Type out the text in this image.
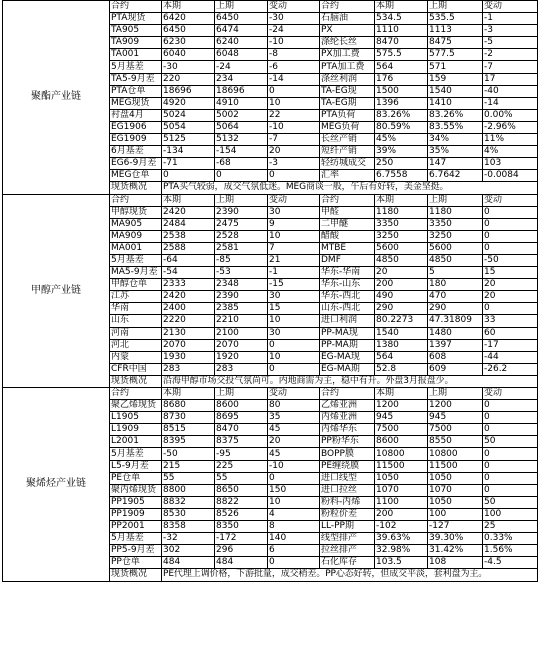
聚酯产业链	合约	本期	上期	变动	合约	本期	上期	变动
	PTA现货	6420	6450	-30	石脑油	534.5	535.5	-1
	TA905	6450	6474	-24	PX	1110	1113	-3
	TA909	6230	6240	-10	涤纶长丝	8470	8475	-5
	TA001	6040	6048	-8	PX加工费	575.5	577.5	-2
	5月基差	-30	-24	-6	PTA加工费	564	571	-7
	TA5-9月差	220	234	-14	涤丝利润	176	159	17
	PTA仓单	18696	18696	0	TA-EG现	1500	1540	-40
	MEG现货	4920	4910	10	TA-EG期	1396	1410	-14
	衬盘4月	5024	5002	22	PTA负荷	83.26%	83.26%	0.00%
	EG1906	5054	5064	-10	MEG负荷	80.59%	83.55%	-2.96%
	EG1909	5125	5132	-7	长丝产销	45%	34%	11%
	6月基差	-134	-154	20	短纤产销	39%	35%	4%
	EG6-9月差	-71	-68	-3	轻纺城成交	250	147	103
	MEG仓单	0	0	0	汇率	6.7558	6.7642	-0.0084
	现货概况	PTA买气较弱，成交气氛低迷。MEG商谈一般，午后有好转，美金坚挺。						
甲醇产业链	合约	本期	上期	变动	合约	本期	上期	变动
	甲醇现货	2420	2390	30	甲醛	1180	1180	0
	MA905	2484	2475	9	二甲醚	3350	3350	0
	MA909	2538	2528	10	醋酸	3250	3250	0
	MA001	2588	2581	7	MTBE	5600	5600	0
	5月基差	-64	-85	21	DMF	4850	4850	-50
	MA5-9月差	-54	-53	-1	华东-华南	20	5	15
	甲醇仓单	2333	2348	-15	华东-山东	200	180	20
	江苏	2420	2390	30	华东-西北	490	470	20
	华南	2400	2385	15	山东-西北	290	290	0
	山东	2220	2210	10	进口利润	80.2273	47.31809	33
	河南	2130	2100	30	PP-MA现	1540	1480	60
	河北	2070	2070	0	PP-MA期	1380	1397	-17
	内蒙	1930	1920	10	EG-MA现	564	608	-44
	CFR中国	283	283	0	EG-MA期	52.8	609	-26.2
	现货概况	沿海甲醇市场交投气氛尚可。内地商需为主，稳中有升。外盘3月报盘少。						
聚烯烃产业链	合约	本期	上期	变动	合约	本期	上期	变动
	聚乙烯现货	8680	8600	80	乙烯亚洲	1200	1200	0
	L1905	8730	8695	35	丙烯亚洲	945	945	0
	L1909	8515	8470	45	丙烯华东	7500	7500	0
	L2001	8395	8375	20	PP粉华东	8600	8550	50
	5月基差	-50	-95	45	BOPP膜	10800	10800	0
	L5-9月差	215	225	-10	PE缠绕膜	11500	11500	0
	PE仓单	55	55	0	进口线型	1050	1050	0
	聚丙烯现货	8800	8650	150	进口拉丝	1070	1070	0
	PP1905	8832	8822	10	粉料-丙烯	1100	1050	50
	PP1909	8530	8526	4	粉粒价差	200	100	100
	PP2001	8358	8350	8	LL-PP期	-102	-127	25
	5月基差	-32	-172	140	线型排产	39.63%	39.30%	0.33%
	PP5-9月差	302	296	6	拉丝排产	32.98%	31.42%	1.56%
	PP仓单	484	484	0	石化库存	103.5	108	-4.5
	现货概况	PE代理上调价格，下游批量，成交稍差。PP心态好转，但成交平淡，套利盘为主。						
